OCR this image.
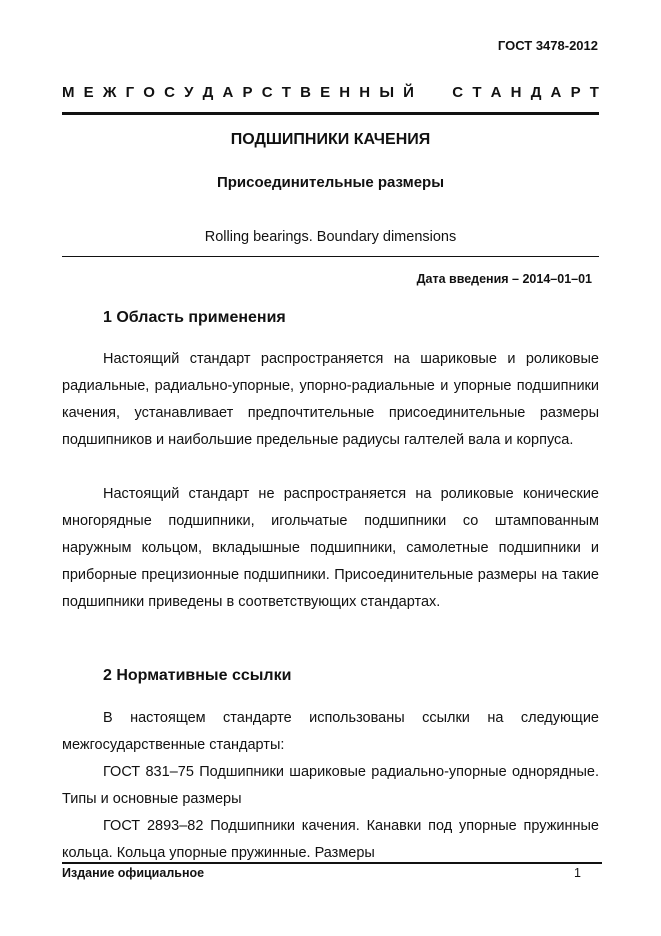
ГОСТ 3478-2012
М Е Ж Г О С У Д А Р С Т В Е Н Н Ы Й	С Т А Н Д А Р Т
ПОДШИПНИКИ КАЧЕНИЯ
Присоединительные размеры
Rolling bearings. Boundary dimensions
Дата введения – 2014–01–01
1 Область применения

Настоящий стандарт распространяется на шариковые и роликовые радиальные, радиально-упорные, упорно-радиальные и упорные подшипники качения, устанавливает предпочтительные присоединительные размеры подшипников и наибольшие предельные радиусы галтелей вала и корпуса.

Настоящий стандарт не распространяется на роликовые конические многорядные подшипники, игольчатые подшипники со штампованным наружным кольцом, вкладышные подшипники, самолетные подшипники и приборные прецизионные подшипники. Присоединительные размеры на такие подшипники приведены в соответствующих стандартах.

2 Нормативные ссылки

В настоящем стандарте использованы ссылки на следующие межгосударственные стандарты:

ГОСТ 831–75 Подшипники шариковые радиально-упорные однорядные. Типы и основные размеры

ГОСТ 2893–82 Подшипники качения. Канавки под упорные пружинные кольца. Кольца упорные пружинные. Размеры

Издание официальное	1
